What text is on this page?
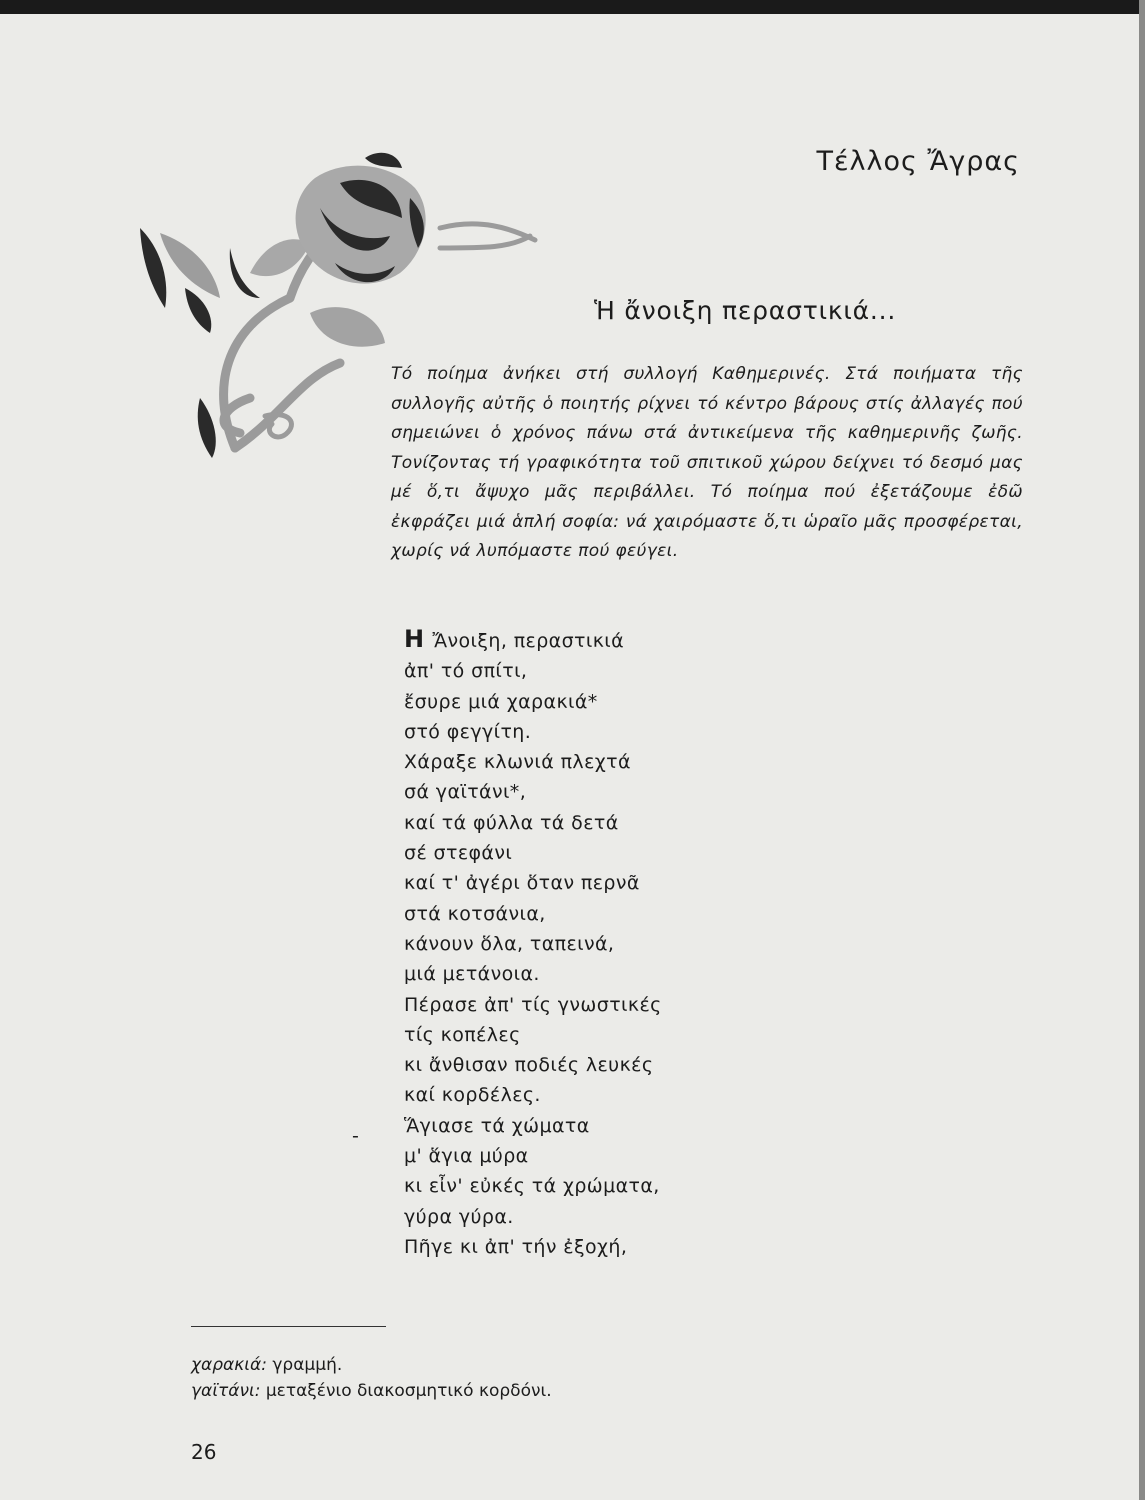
Τέλλος Ἄγρας
Ἡ ἄνοιξη περαστικιά...

Τό ποίημα ἀνήκει στή συλλογή Καθημερινές. Στά ποιήματα τῆς συλλογῆς αὐτῆς ὁ ποιητής ρίχνει τό κέντρο βάρους στίς ἀλλαγές πού σημειώνει ὁ χρόνος πάνω στά ἀντικείμενα τῆς καθημερινῆς ζωῆς. Τονίζοντας τή γραφικότητα τοῦ σπιτικοῦ χώρου δείχνει τό δεσμό μας μέ ὅ,τι ἄψυχο μᾶς περιβάλλει. Τό ποίημα πού ἐξετάζουμε ἐδῶ ἐκφράζει μιά ἁπλή σοφία: νά χαιρόμαστε ὅ,τι ὡραῖο μᾶς προσφέρεται, χωρίς νά λυπόμαστε πού φεύγει.

Η Ἄνοιξη, περαστικιά
ἀπ' τό σπίτι,
ἔσυρε μιά χαρακιά*
στό φεγγίτη.
Χάραξε κλωνιά πλεχτά
σά γαϊτάνι*,
καί τά φύλλα τά δετά
σέ στεφάνι
καί τ' ἀγέρι ὅταν περνᾶ
στά κοτσάνια,
κάνουν ὅλα, ταπεινά,
μιά μετάνοια.
Πέρασε ἀπ' τίς γνωστικές
τίς κοπέλες
κι ἄνθισαν ποδιές λευκές
καί κορδέλες.
Ἅγιασε τά χώματα
μ' ἅγια μύρα
κι εἶν' εὐκές τά χρώματα,
γύρα γύρα.
Πῆγε κι ἀπ' τήν ἐξοχή,
-
χαρακιά: γραμμή.
γαϊτάνι: μεταξένιο διακοσμητικό κορδόνι.
26
